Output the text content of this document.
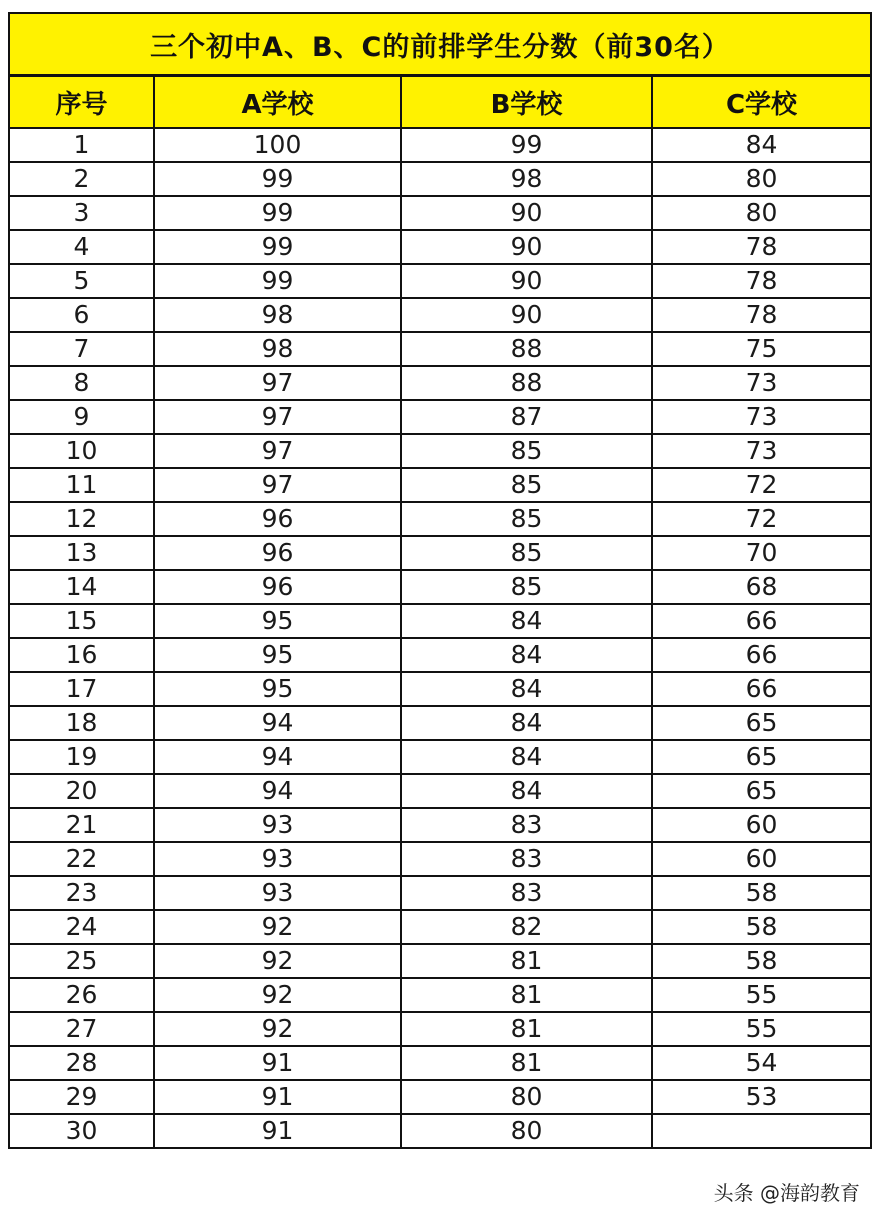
三个初中A、B、C的前排学生分数（前30名）			
序号	A学校	B学校	C学校
1	100	99	84
2	99	98	80
3	99	90	80
4	99	90	78
5	99	90	78
6	98	90	78
7	98	88	75
8	97	88	73
9	97	87	73
10	97	85	73
11	97	85	72
12	96	85	72
13	96	85	70
14	96	85	68
15	95	84	66
16	95	84	66
17	95	84	66
18	94	84	65
19	94	84	65
20	94	84	65
21	93	83	60
22	93	83	60
23	93	83	58
24	92	82	58
25	92	81	58
26	92	81	55
27	92	81	55
28	91	81	54
29	91	80	53
30	91	80	
头条 @海韵教育
